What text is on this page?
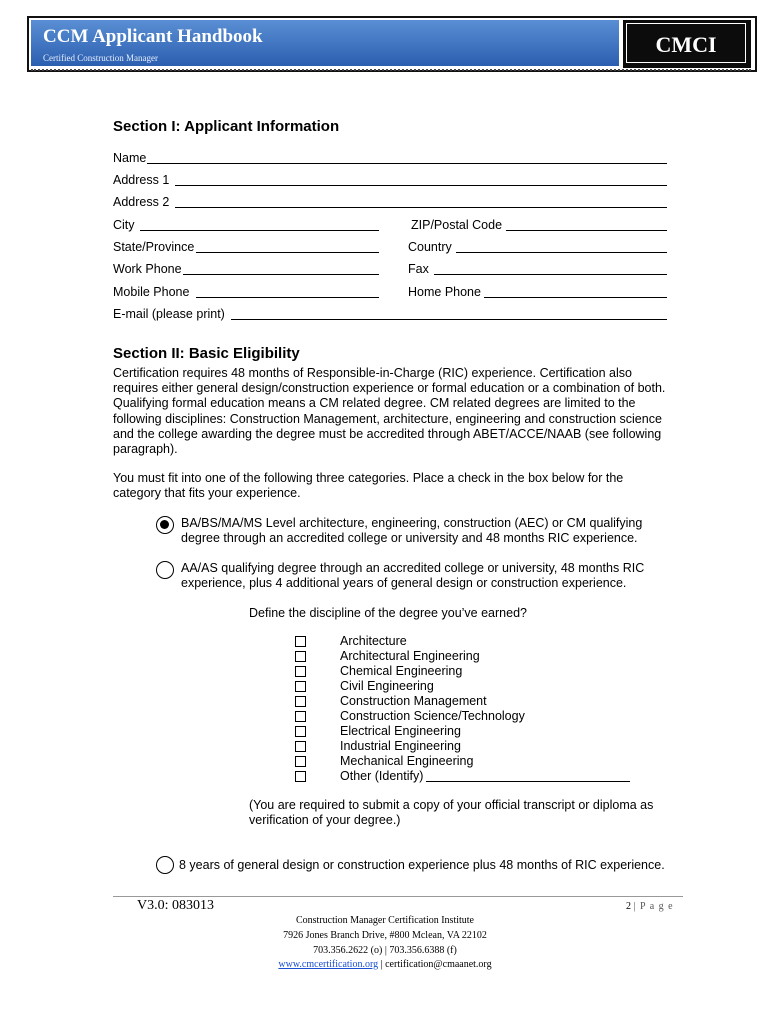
CCM Applicant Handbook
Certified Construction Manager
CMCI
Section I: Applicant Information
Name
Address 1
Address 2
City	ZIP/Postal Code
State/Province	Country
Work Phone	Fax
Mobile Phone	Home Phone
E-mail (please print)
Section II: Basic Eligibility
Certification requires 48 months of Responsible-in-Charge (RIC) experience. Certification also requires either general design/construction experience or formal education or a combination of both. Qualifying formal education means a CM related degree. CM related degrees are limited to the following disciplines: Construction Management, architecture, engineering and construction science and the college awarding the degree must be accredited through ABET/ACCE/NAAB (see following paragraph).
You must fit into one of the following three categories. Place a check in the box below for the category that fits your experience.
BA/BS/MA/MS Level architecture, engineering, construction (AEC) or CM qualifying degree through an accredited college or university and 48 months RIC experience.
AA/AS qualifying degree through an accredited college or university, 48 months RIC experience, plus 4 additional years of general design or construction experience.
Define the discipline of the degree you’ve earned?
Architecture
Architectural Engineering
Chemical Engineering
Civil Engineering
Construction Management
Construction Science/Technology
Electrical Engineering
Industrial Engineering
Mechanical Engineering
Other (Identify)
(You are required to submit a copy of your official transcript or diploma as verification of your degree.)
8 years of general design or construction experience plus 48 months of RIC experience.
V3.0: 083013	2 | P a g e
Construction Manager Certification Institute
7926 Jones Branch Drive, #800 Mclean, VA 22102
703.356.2622 (o) | 703.356.6388 (f)
www.cmcertification.org | certification@cmaanet.org
